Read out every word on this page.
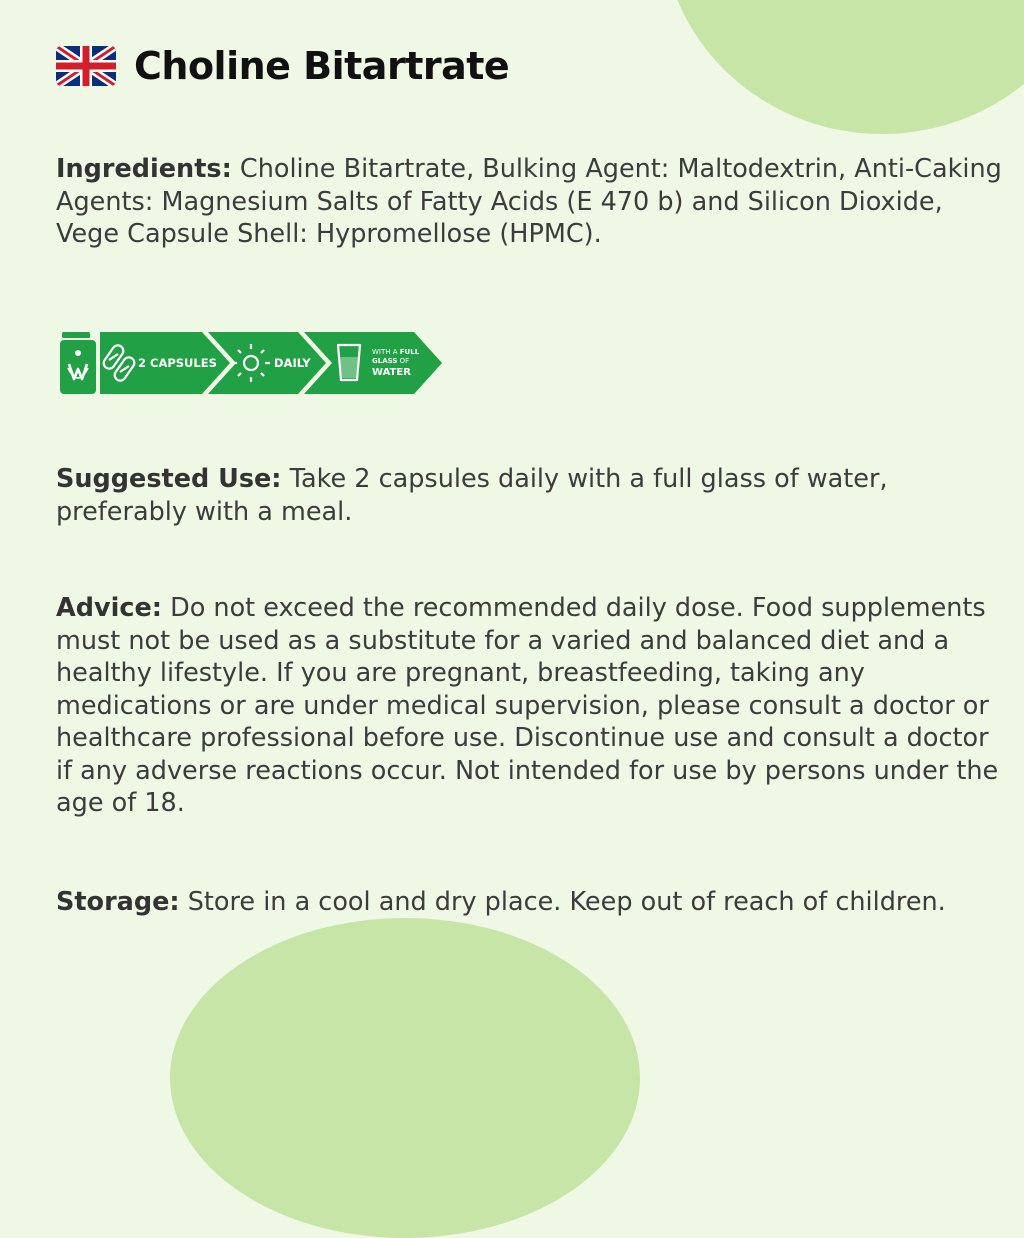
Choline Bitartrate
Ingredients: Choline Bitartrate, Bulking Agent: Maltodextrin, Anti-Caking Agents: Magnesium Salts of Fatty Acids (E 470 b) and Silicon Dioxide, Vege Capsule Shell: Hypromellose (HPMC).
2 CAPSULES	DAILY
WITH A FULL
GLASS OF
WATER
Suggested Use: Take 2 capsules daily with a full glass of water, preferably with a meal.
Advice: Do not exceed the recommended daily dose. Food supplements must not be used as a substitute for a varied and balanced diet and a healthy lifestyle. If you are pregnant, breastfeeding, taking any medications or are under medical supervision, please consult a doctor or healthcare professional before use. Discontinue use and consult a doctor if any adverse reactions occur. Not intended for use by persons under the age of 18.
Storage: Store in a cool and dry place. Keep out of reach of children.
